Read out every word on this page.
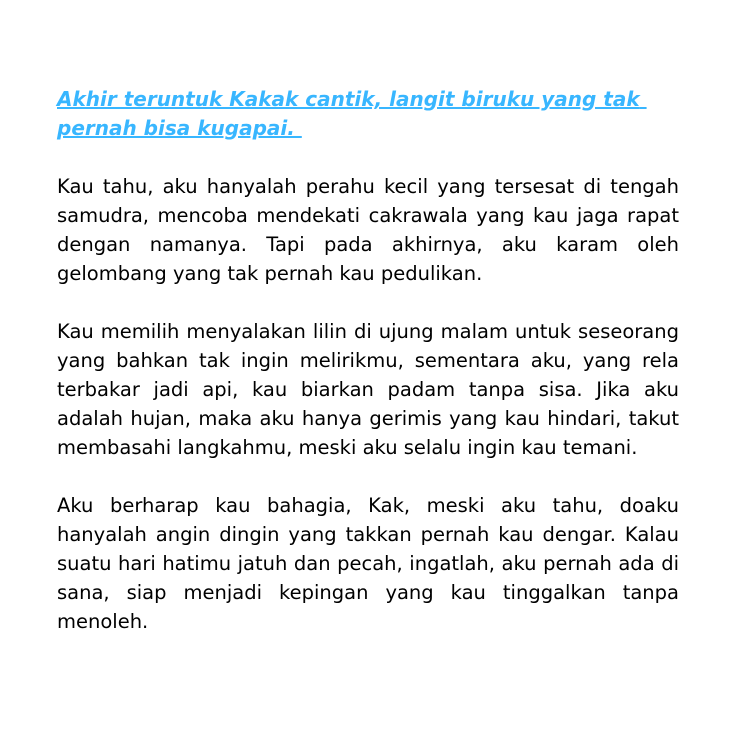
Akhir teruntuk Kakak cantik, langit biruku yang tak pernah bisa kugapai.

Kau tahu, aku hanyalah perahu kecil yang tersesat di tengah samudra, mencoba mendekati cakrawala yang kau jaga rapat dengan namanya. Tapi pada akhirnya, aku karam oleh gelombang yang tak pernah kau pedulikan.

Kau memilih menyalakan lilin di ujung malam untuk seseorang yang bahkan tak ingin melirikmu, sementara aku, yang rela terbakar jadi api, kau biarkan padam tanpa sisa. Jika aku adalah hujan, maka aku hanya gerimis yang kau hindari, takut membasahi langkahmu, meski aku selalu ingin kau temani.

Aku berharap kau bahagia, Kak, meski aku tahu, doaku hanyalah angin dingin yang takkan pernah kau dengar. Kalau suatu hari hatimu jatuh dan pecah, ingatlah, aku pernah ada di sana, siap menjadi kepingan yang kau tinggalkan tanpa menoleh.
